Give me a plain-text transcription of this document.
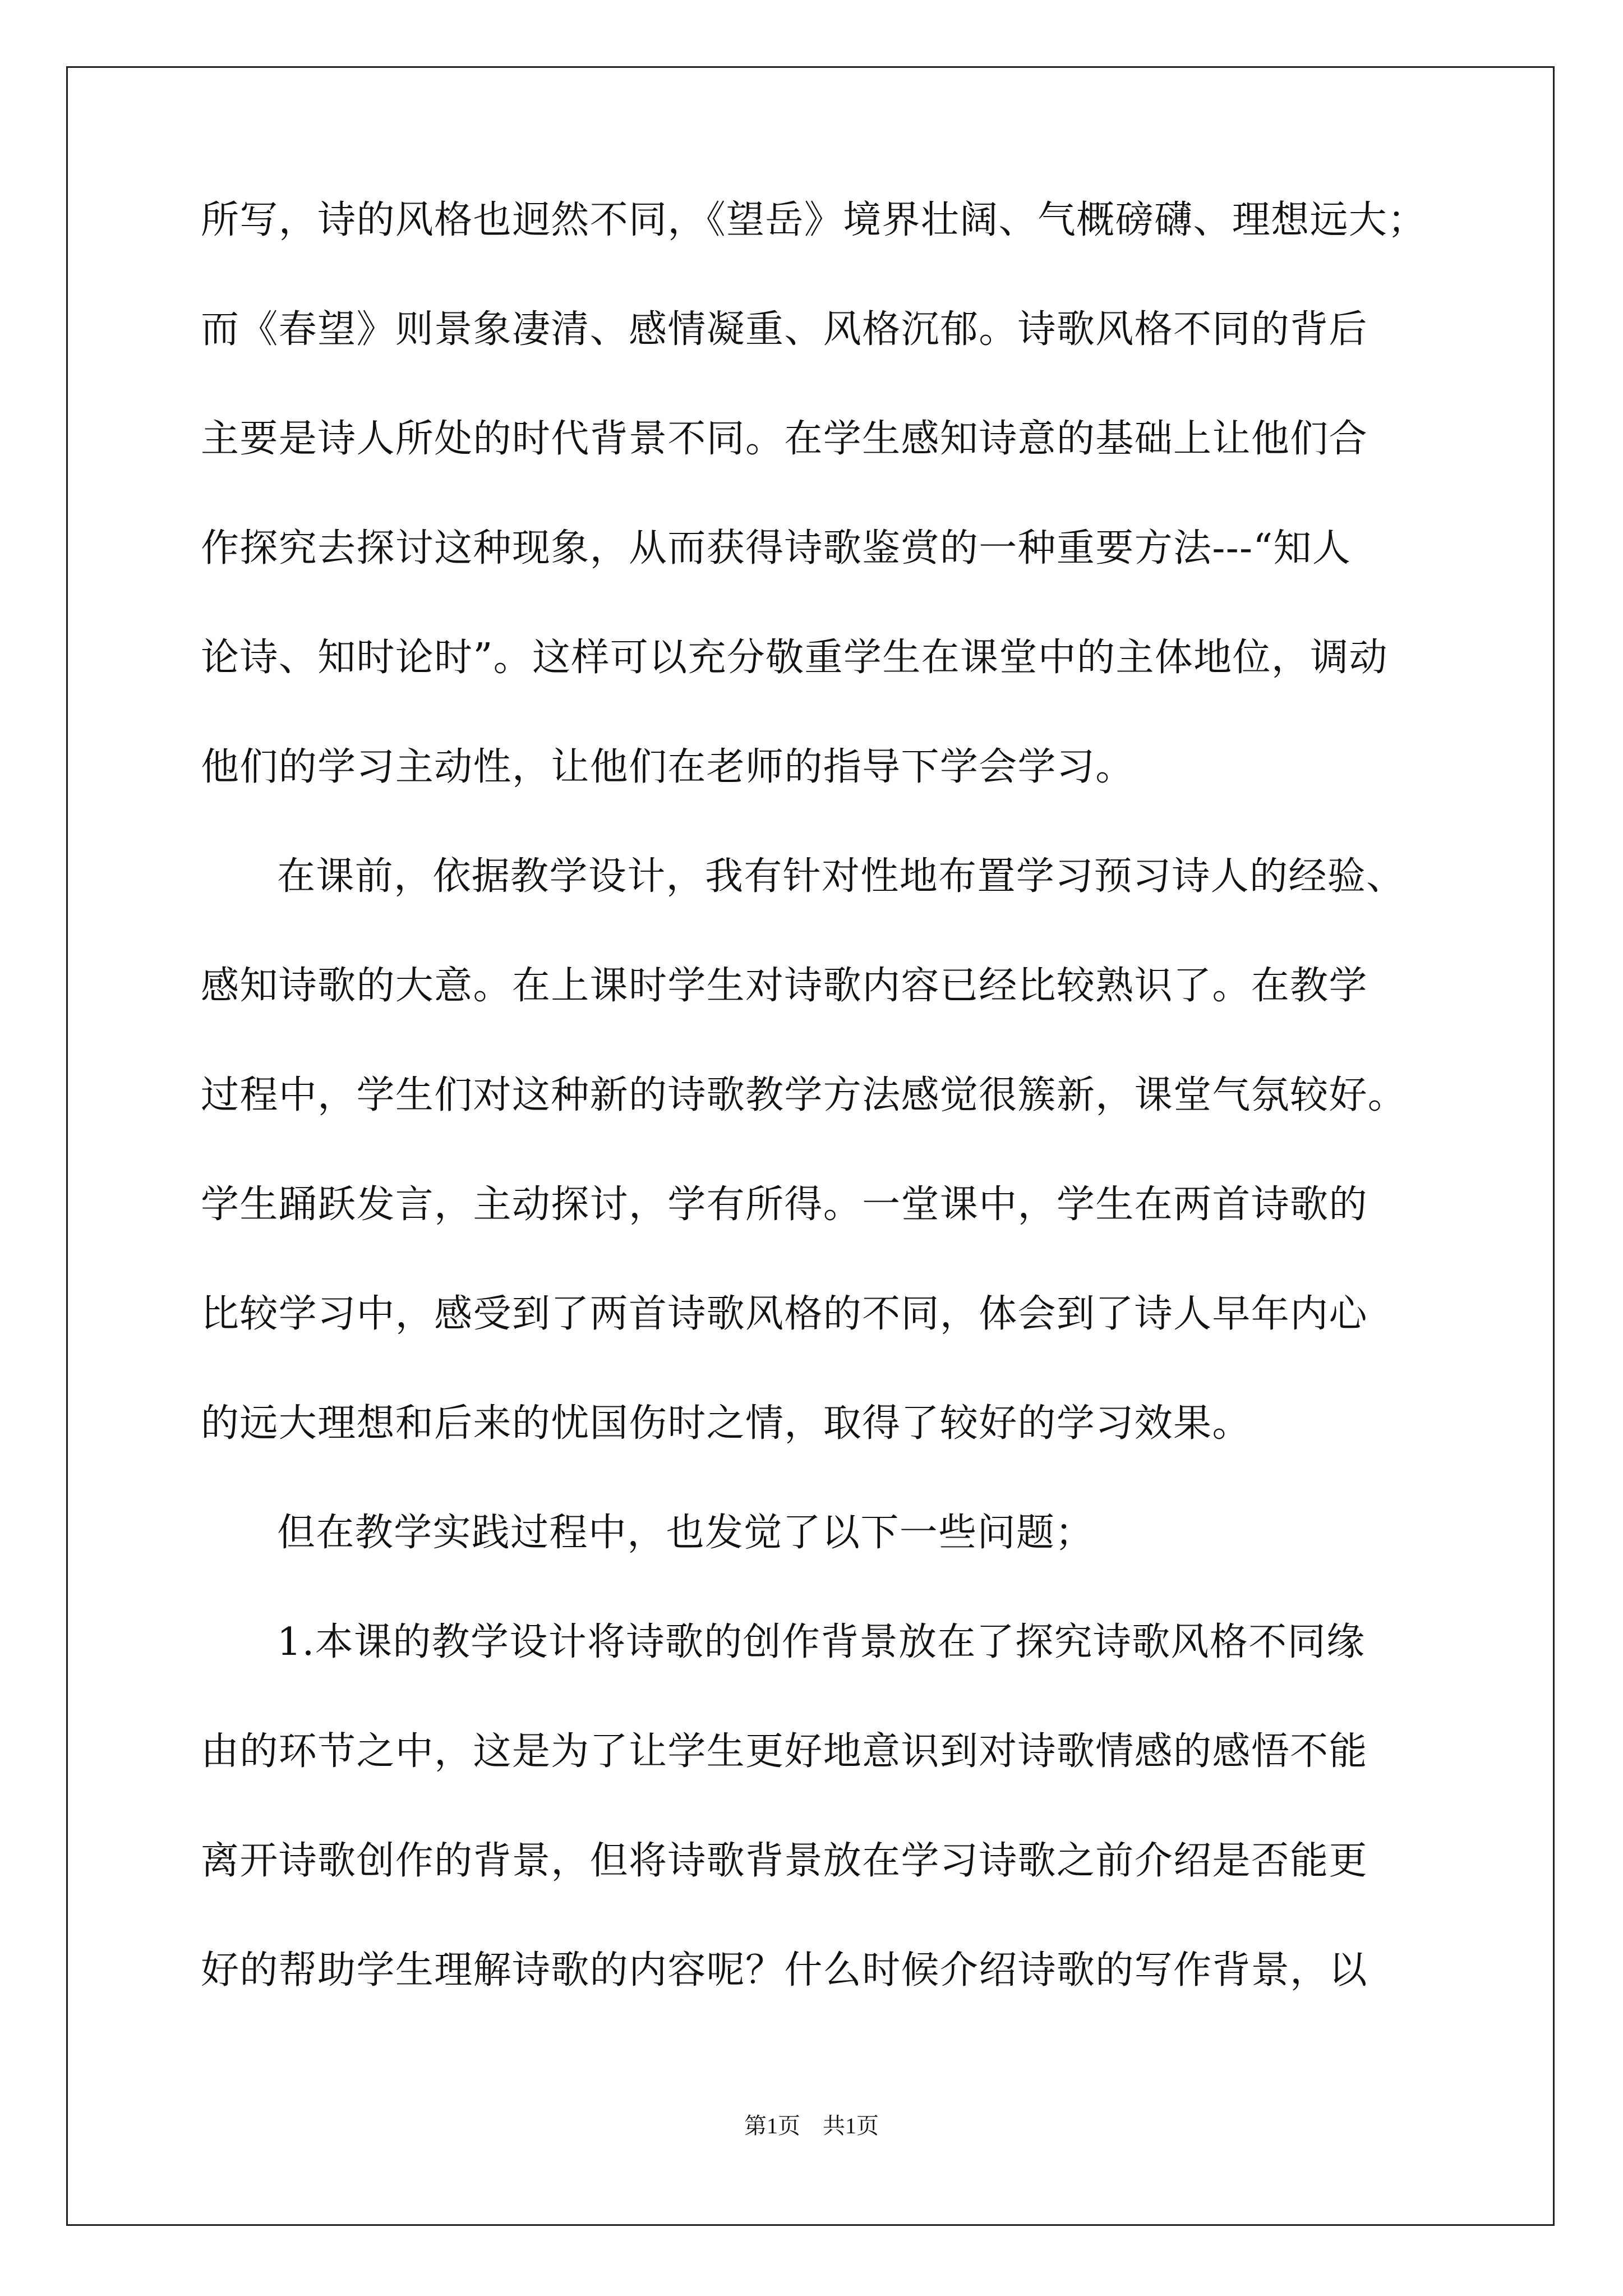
所写，诗的风格也迥然不同，《望岳》境界壮阔、气概磅礴、理想远大；
而《春望》则景象凄清、感情凝重、风格沉郁。诗歌风格不同的背后
主要是诗人所处的时代背景不同。在学生感知诗意的基础上让他们合
作探究去探讨这种现象，从而获得诗歌鉴赏的一种重要方法---“知人
论诗、知时论时”。这样可以充分敬重学生在课堂中的主体地位，调动
他们的学习主动性，让他们在老师的指导下学会学习。
在课前，依据教学设计，我有针对性地布置学习预习诗人的经验、
感知诗歌的大意。在上课时学生对诗歌内容已经比较熟识了。在教学
过程中，学生们对这种新的诗歌教学方法感觉很簇新，课堂气氛较好。
学生踊跃发言，主动探讨，学有所得。一堂课中，学生在两首诗歌的
比较学习中，感受到了两首诗歌风格的不同，体会到了诗人早年内心
的远大理想和后来的忧国伤时之情，取得了较好的学习效果。
但在教学实践过程中，也发觉了以下一些问题；
1.本课的教学设计将诗歌的创作背景放在了探究诗歌风格不同缘
由的环节之中，这是为了让学生更好地意识到对诗歌情感的感悟不能
离开诗歌创作的背景，但将诗歌背景放在学习诗歌之前介绍是否能更
好的帮助学生理解诗歌的内容呢？什么时候介绍诗歌的写作背景，以
第1页　共1页
